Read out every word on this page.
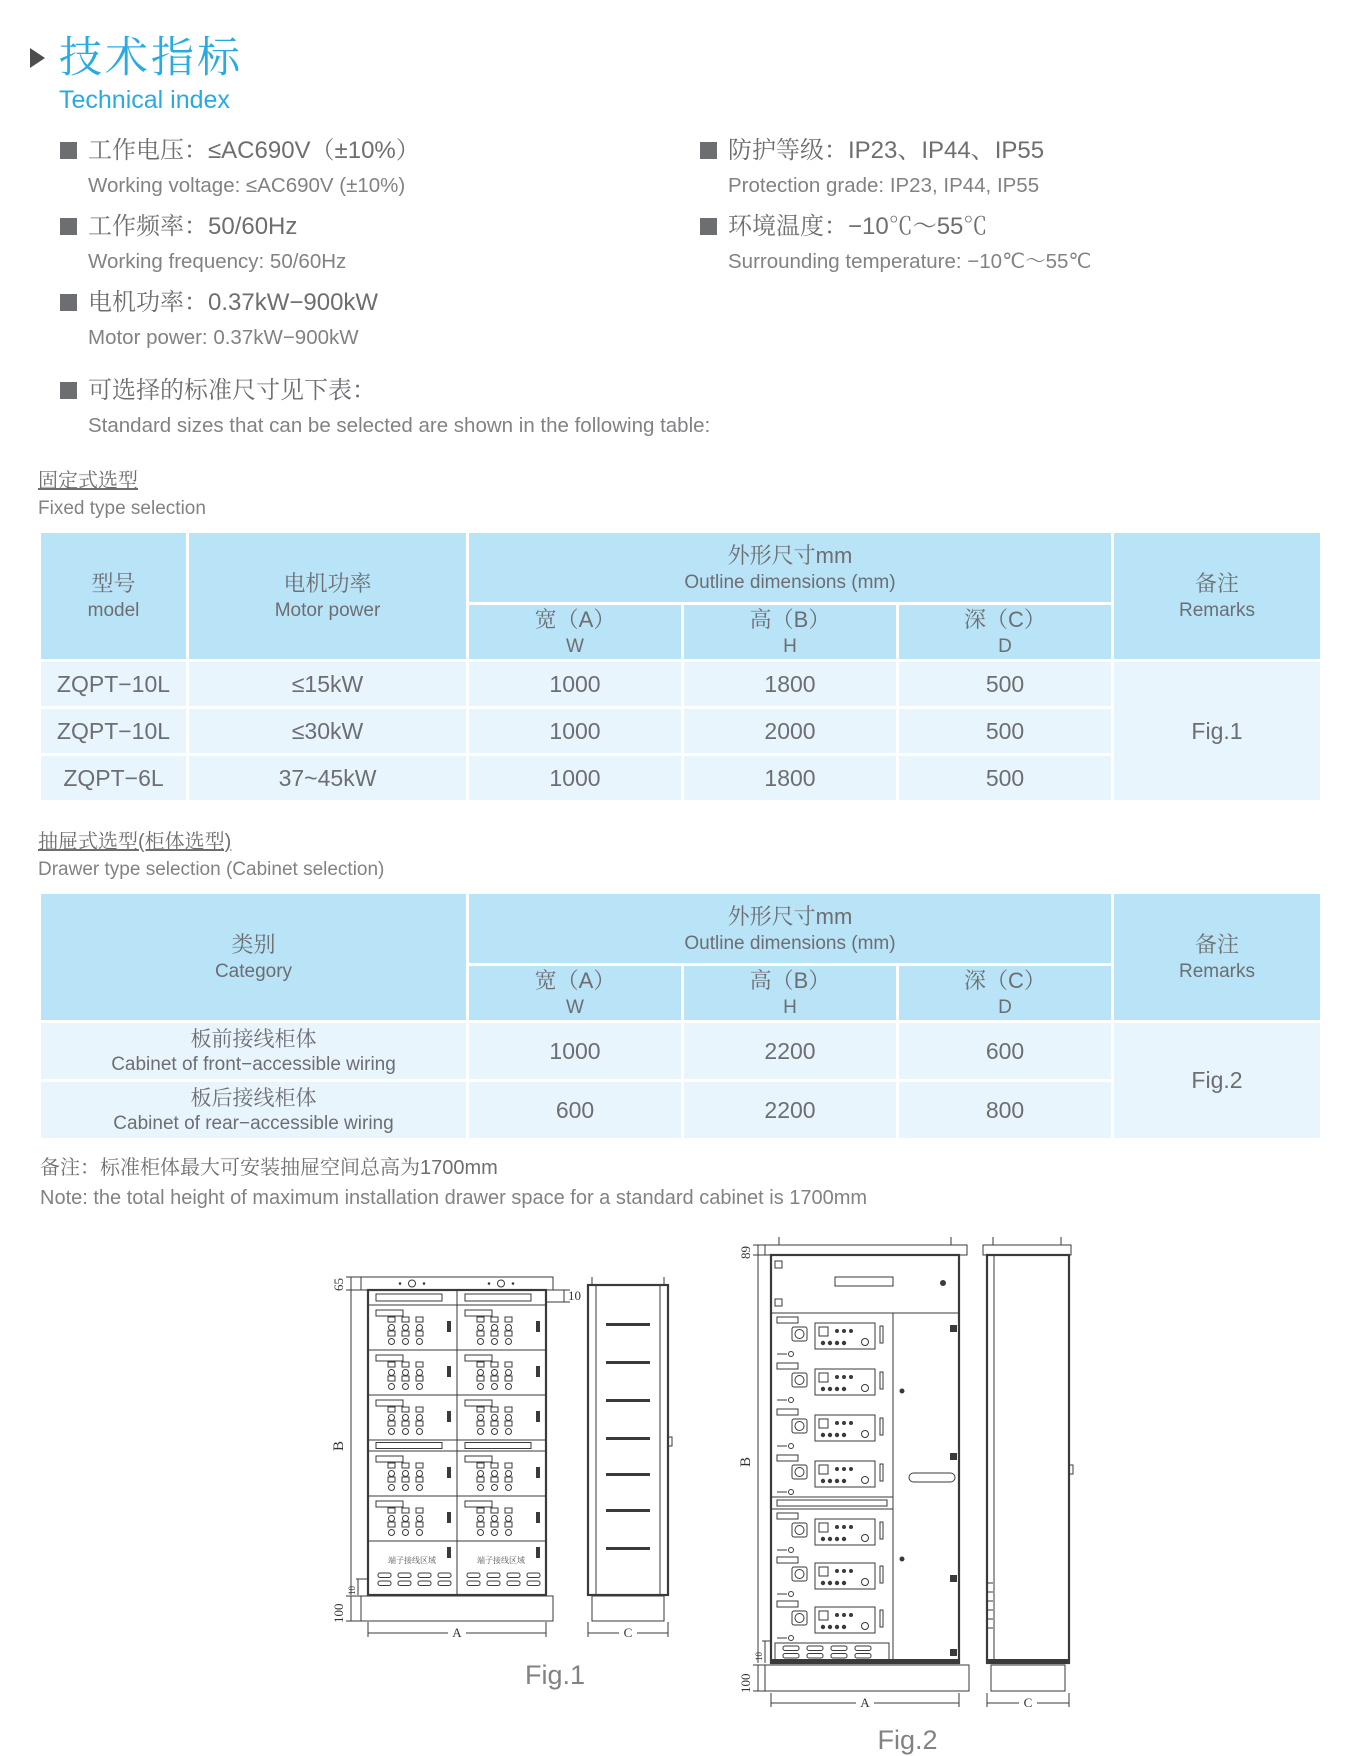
技术指标
Technical index
工作电压：≤AC690V（±10%）
Working voltage: ≤AC690V (±10%)
工作频率：50/60Hz
Working frequency: 50/60Hz
电机功率：0.37kW−900kW
Motor power: 0.37kW−900kW
防护等级：IP23、IP44、IP55
Protection grade: IP23, IP44, IP55
环境温度：−10℃～55℃
Surrounding temperature: −10℃～55℃
可选择的标准尺寸见下表：
Standard sizes that can be selected are shown in the following table:
固定式选型
Fixed type selection
型号
model

电机功率
Motor power

外形尺寸mm
Outline dimensions (mm)	备注
Remarks

宽（A）
W

高（B）
H

深（C）
D

ZQPT−10L	≤15kW	1000	1800	500	Fig.1
ZQPT−10L	≤30kW	1000	2000	500	
ZQPT−6L	37~45kW	1000	1800	500	
抽屉式选型(柜体选型)
Drawer type selection (Cabinet selection)
类别
Category

外形尺寸mm
Outline dimensions (mm)	备注
Remarks

宽（A）
W

高（B）
H

深（C）
D

板前接线柜体
Cabinet of front−accessible wiring	1000	2200	600	Fig.2

板后接线柜体
Cabinet of rear−accessible wiring	600	2200	800	
备注：标准柜体最大可安装抽屉空间总高为1700mm
Note: the total height of maximum installation drawer space for a standard cabinet is 1700mm
端子接线区域	端子接线区域
65
10
B
10
100
A	C
Fig.1
89
B
10
100
A	C
Fig.2
